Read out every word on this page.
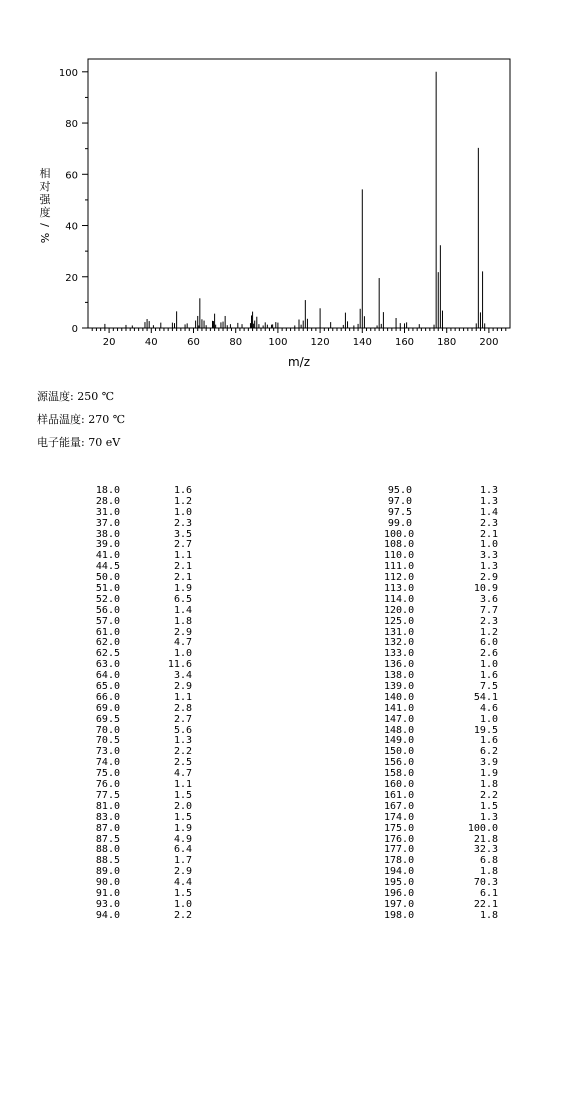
相
对
强
度
/
%
m/z
20	40	60	80	100 120 140 160 180 200
0
20
40
60
80
100
源温度: 250 ℃
样品温度: 270 ℃
电子能量: 70 eV
18.0	1.6
28.0	1.2
31.0	1.0
37.0	2.3
38.0	3.5
39.0	2.7
41.0	1.1
44.5	2.1
50.0	2.1
51.0	1.9
52.0	6.5
56.0	1.4
57.0	1.8
61.0	2.9
62.0	4.7
62.5	1.0
63.0	11.6
64.0	3.4
65.0	2.9
66.0	1.1
69.0	2.8
69.5	2.7
70.0	5.6
70.5	1.3
73.0	2.2
74.0	2.5
75.0	4.7
76.0	1.1
77.5	1.5
81.0	2.0
83.0	1.5
87.0	1.9
87.5	4.9
88.0	6.4
88.5	1.7
89.0	2.9
90.0	4.4
91.0	1.5
93.0	1.0
94.0	2.2
95.0	1.3
97.0	1.3
97.5	1.4
99.0	2.3
100.0	2.1
108.0	1.0
110.0	3.3
111.0	1.3
112.0	2.9
113.0	10.9
114.0	3.6
120.0	7.7
125.0	2.3
131.0	1.2
132.0	6.0
133.0	2.6
136.0	1.0
138.0	1.6
139.0	7.5
140.0	54.1
141.0	4.6
147.0	1.0
148.0	19.5
149.0	1.6
150.0	6.2
156.0	3.9
158.0	1.9
160.0	1.8
161.0	2.2
167.0	1.5
174.0	1.3
175.0	100.0
176.0	21.8
177.0	32.3
178.0	6.8
194.0	1.8
195.0	70.3
196.0	6.1
197.0	22.1
198.0	1.8
